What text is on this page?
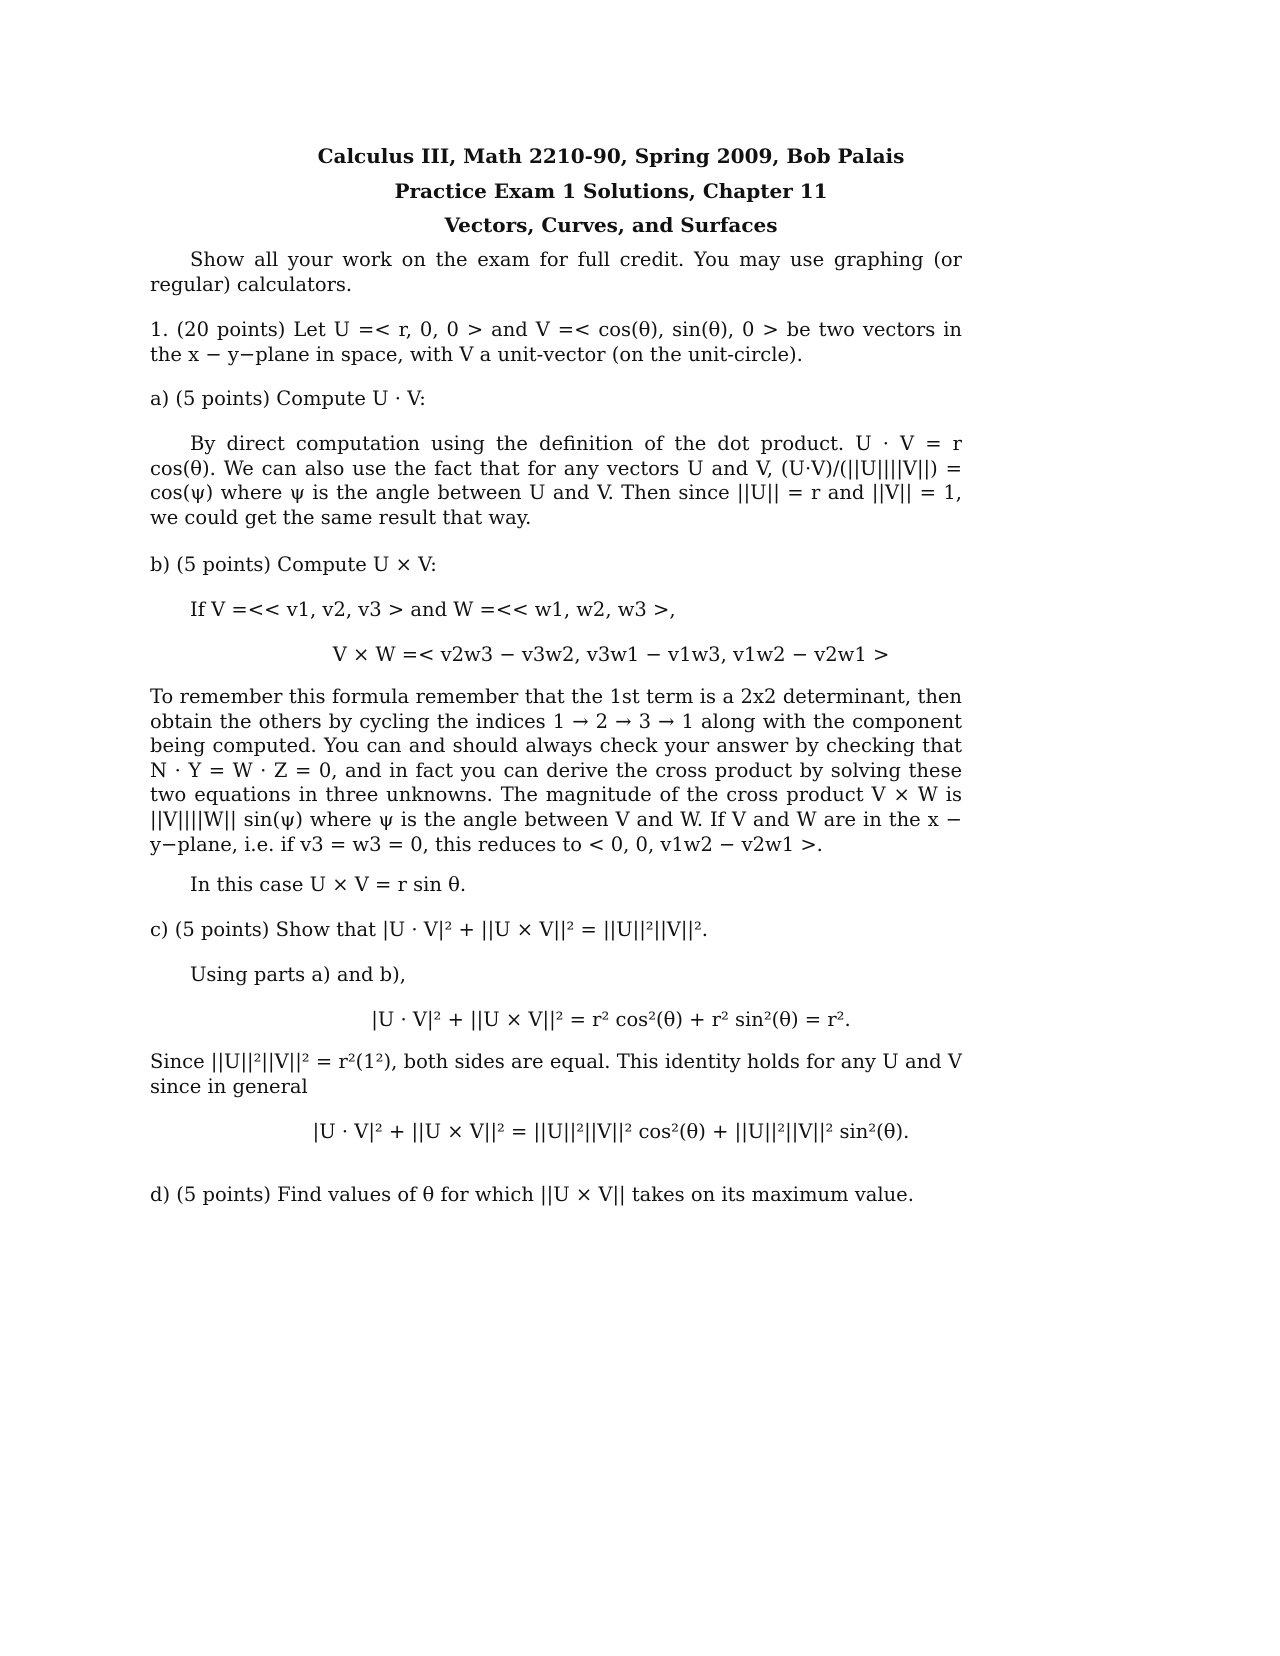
Calculus III, Math 2210-90, Spring 2009, Bob Palais
Practice Exam 1 Solutions, Chapter 11
Vectors, Curves, and Surfaces
Show all your work on the exam for full credit. You may use graphing (or regular) calculators.
1. (20 points) Let U =< r, 0, 0 > and V =< cos(θ), sin(θ), 0 > be two vectors in the x − y−plane in space, with V a unit-vector (on the unit-circle).
a) (5 points) Compute U · V:
By direct computation using the definition of the dot product. U · V = r cos(θ). We can also use the fact that for any vectors U and V, (U·V)/(||U||||V||) = cos(ψ) where ψ is the angle between U and V. Then since ||U|| = r and ||V|| = 1, we could get the same result that way.
b) (5 points) Compute U × V:
If V =<< v1, v2, v3 > and W =<< w1, w2, w3 >,
V × W =< v2w3 − v3w2, v3w1 − v1w3, v1w2 − v2w1 >
To remember this formula remember that the 1st term is a 2x2 determinant, then obtain the others by cycling the indices 1 → 2 → 3 → 1 along with the component being computed. You can and should always check your answer by checking that N · Y = W · Z = 0, and in fact you can derive the cross product by solving these two equations in three unknowns. The magnitude of the cross product V × W is ||V||||W|| sin(ψ) where ψ is the angle between V and W. If V and W are in the x − y−plane, i.e. if v3 = w3 = 0, this reduces to < 0, 0, v1w2 − v2w1 >.
In this case U × V = r sin θ.
c) (5 points) Show that |U · V|² + ||U × V||² = ||U||²||V||².
Using parts a) and b),
|U · V|² + ||U × V||² = r² cos²(θ) + r² sin²(θ) = r².
Since ||U||²||V||² = r²(1²), both sides are equal. This identity holds for any U and V since in general
|U · V|² + ||U × V||² = ||U||²||V||² cos²(θ) + ||U||²||V||² sin²(θ).
d) (5 points) Find values of θ for which ||U × V|| takes on its maximum value.
